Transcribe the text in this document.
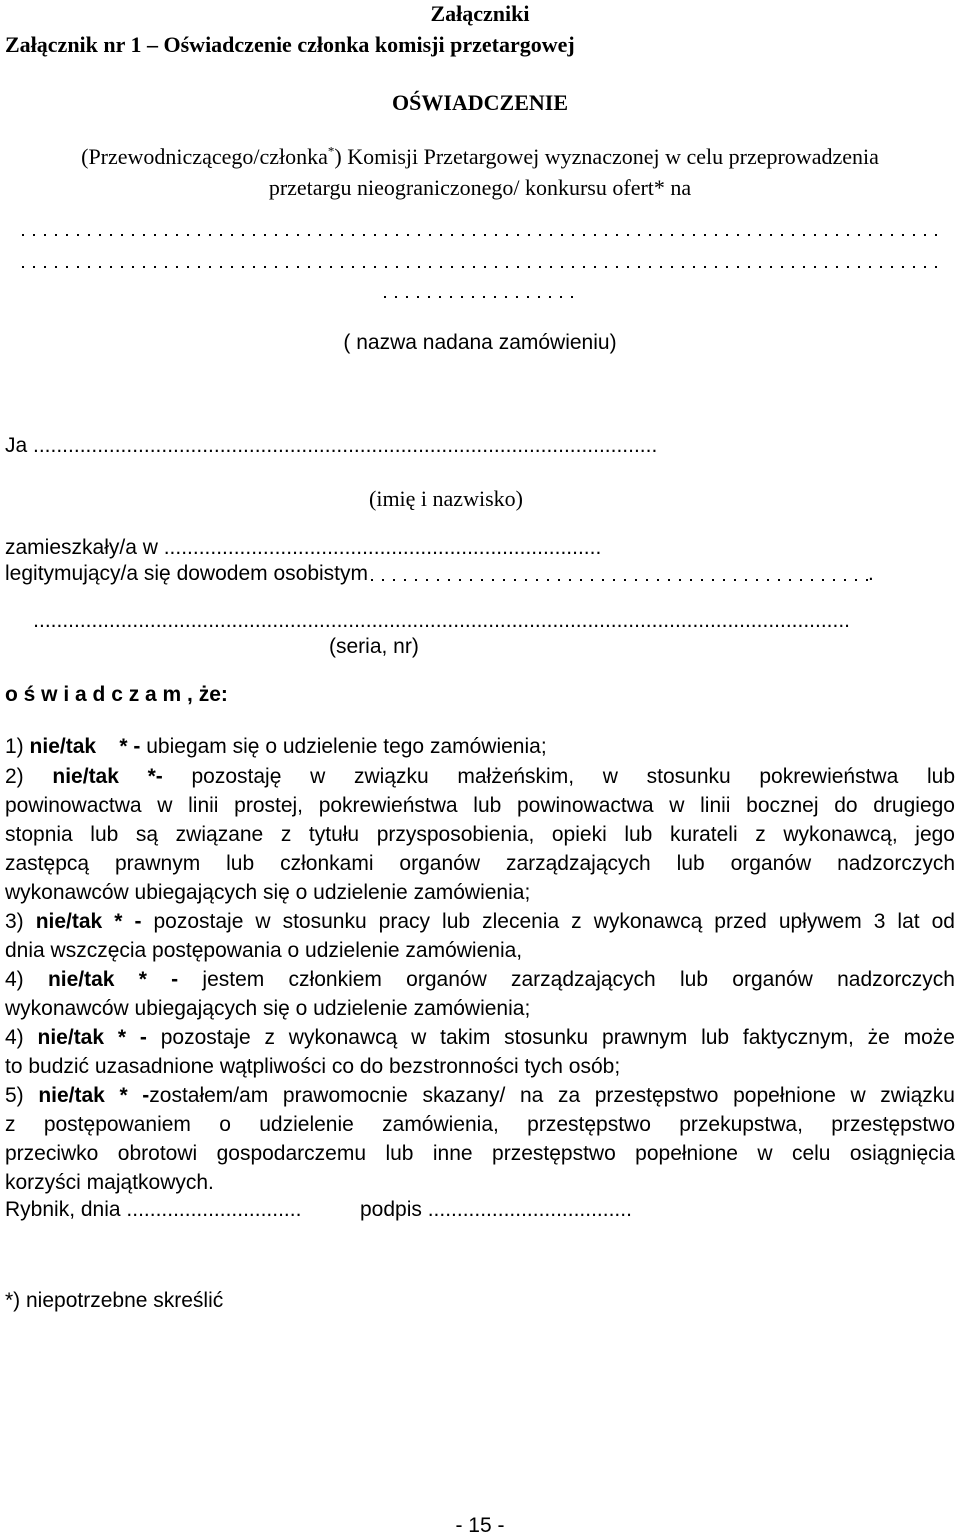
Załączniki
Załącznik nr 1 – Oświadczenie członka komisji przetargowej
OŚWIADCZENIE
(Przewodniczącego/członka*) Komisji Przetargowej wyznaczonej w celu przeprowadzenia
przetargu nieograniczonego/ konkursu ofert* na
( nazwa nadana zamówieniu)
Ja ...........................................................................................................
(imię i nazwisko)
zamieszkały/a w ...........................................................................
legitymujący/a się dowodem osobistym	.
............................................................................................................................................
(seria, nr)
o ś w i a d c z a m , że:
1) nie/tak * - ubiegam się o udzielenie tego zamówienia;
2) nie/tak *- pozostaję w związku małżeńskim, w stosunku pokrewieństwa lub
powinowactwa w linii prostej, pokrewieństwa lub powinowactwa w linii bocznej do drugiego
stopnia lub są związane z tytułu przysposobienia, opieki lub kurateli z wykonawcą, jego
zastępcą prawnym lub członkami organów zarządzających lub organów nadzorczych
wykonawców ubiegających się o udzielenie zamówienia;
3) nie/tak * - pozostaje w stosunku pracy lub zlecenia z wykonawcą przed upływem 3 lat od
dnia wszczęcia postępowania o udzielenie zamówienia,
4) nie/tak * - jestem członkiem organów zarządzających lub organów nadzorczych
wykonawców ubiegających się o udzielenie zamówienia;
4) nie/tak * - pozostaje z wykonawcą w takim stosunku prawnym lub faktycznym, że może
to budzić uzasadnione wątpliwości co do bezstronności tych osób;
5) nie/tak * -zostałem/am prawomocnie skazany/ na za przestępstwo popełnione w związku
z postępowaniem o udzielenie zamówienia, przestępstwo przekupstwa, przestępstwo
przeciwko obrotowi gospodarczemu lub inne przestępstwo popełnione w celu osiągnięcia
korzyści majątkowych.
Rybnik, dnia ..............................	podpis ...................................
*) niepotrzebne skreślić
- 15 -
